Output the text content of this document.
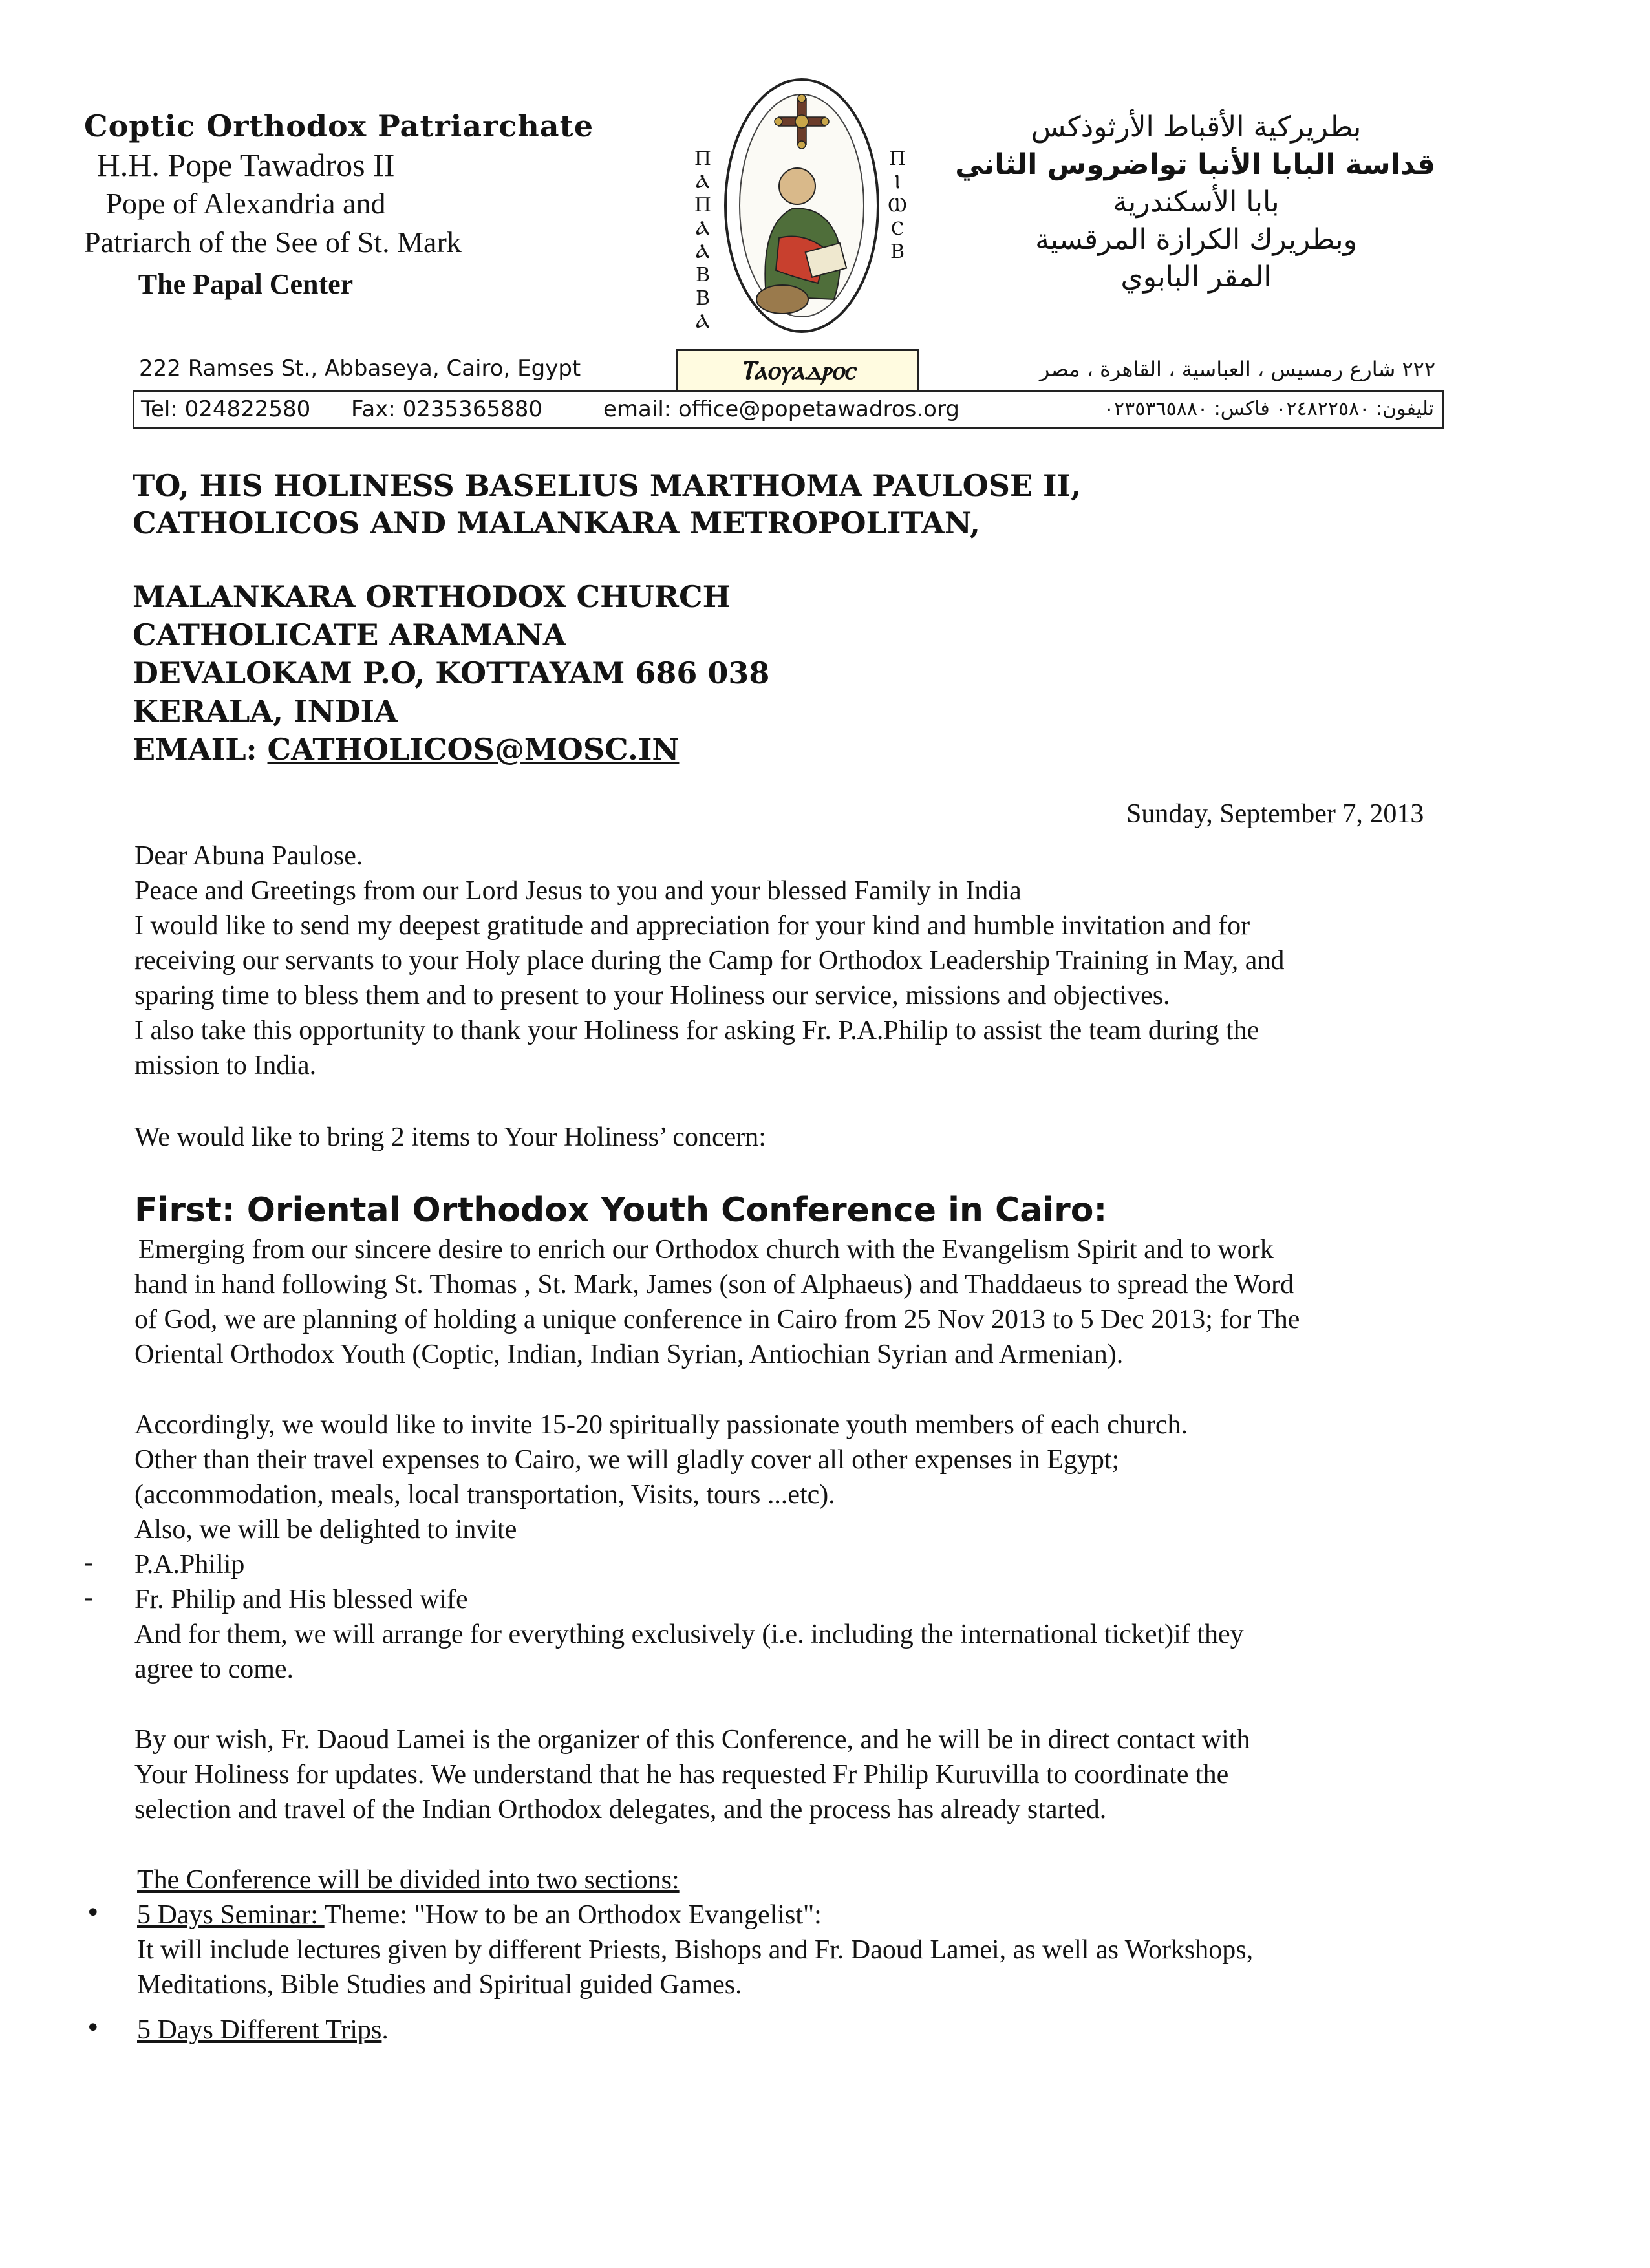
Coptic Orthodox Patriarchate
H.H. Pope Tawadros II
Pope of Alexandria and
Patriarch of the See of St. Mark
The Papal Center
Π
Ⲁ
Π
Ⲁ
Ⲁ
Β
Β
Ⲁ
Π
Ⲓ
Ⲱ
Ⲥ
Β
Ⲧⲁⲟⲩⲁⲇⲣⲟⲥ
بطريركية الأقباط الأرثوذكس
قداسة البابا الأنبا تواضروس الثاني
بابا الأسكندرية
وبطريرك الكرازة المرقسية
المقر البابوي
222 Ramses St., Abbaseya, Cairo, Egypt	٢٢٢ شارع رمسيس ، العباسية ، القاهرة ، مصر
Tel: 024822580 Fax: 0235365880	email: office@popetawadros.org	تليفون: ٠٢٤٨٢٢٥٨٠ فاكس: ٠٢٣٥٣٦٥٨٨٠
TO, HIS HOLINESS BASELIUS MARTHOMA PAULOSE II,
CATHOLICOS AND MALANKARA METROPOLITAN,
MALANKARA ORTHODOX CHURCH
CATHOLICATE ARAMANA
DEVALOKAM P.O, KOTTAYAM 686 038
KERALA, INDIA
EMAIL: CATHOLICOS@MOSC.IN
Sunday, September 7, 2013
Dear Abuna Paulose.
Peace and Greetings from our Lord Jesus to you and your blessed Family in India
I would like to send my deepest gratitude and appreciation for your kind and humble invitation and for
receiving our servants to your Holy place during the Camp for Orthodox Leadership Training in May, and
sparing time to bless them and to present to your Holiness our service, missions and objectives.
I also take this opportunity to thank your Holiness for asking Fr. P.A.Philip to assist the team during the
mission to India.
We would like to bring 2 items to Your Holiness’ concern:
First: Oriental Orthodox Youth Conference in Cairo:
Emerging from our sincere desire to enrich our Orthodox church with the Evangelism Spirit and to work
hand in hand following St. Thomas , St. Mark, James (son of Alphaeus) and Thaddaeus to spread the Word
of God, we are planning of holding a unique conference in Cairo from 25 Nov 2013 to 5 Dec 2013; for The
Oriental Orthodox Youth (Coptic, Indian, Indian Syrian, Antiochian Syrian and Armenian).
Accordingly, we would like to invite 15-20 spiritually passionate youth members of each church.
Other than their travel expenses to Cairo, we will gladly cover all other expenses in Egypt;
(accommodation, meals, local transportation, Visits, tours ...etc).
Also, we will be delighted to invite
- P.A.Philip
- Fr. Philip and His blessed wife
And for them, we will arrange for everything exclusively (i.e. including the international ticket)if they
agree to come.
By our wish, Fr. Daoud Lamei is the organizer of this Conference, and he will be in direct contact with
Your Holiness for updates. We understand that he has requested Fr Philip Kuruvilla to coordinate the
selection and travel of the Indian Orthodox delegates, and the process has already started.
The Conference will be divided into two sections:
• 5 Days Seminar: Theme: "How to be an Orthodox Evangelist":
It will include lectures given by different Priests, Bishops and Fr. Daoud Lamei, as well as Workshops,
Meditations, Bible Studies and Spiritual guided Games.
• 5 Days Different Trips.
